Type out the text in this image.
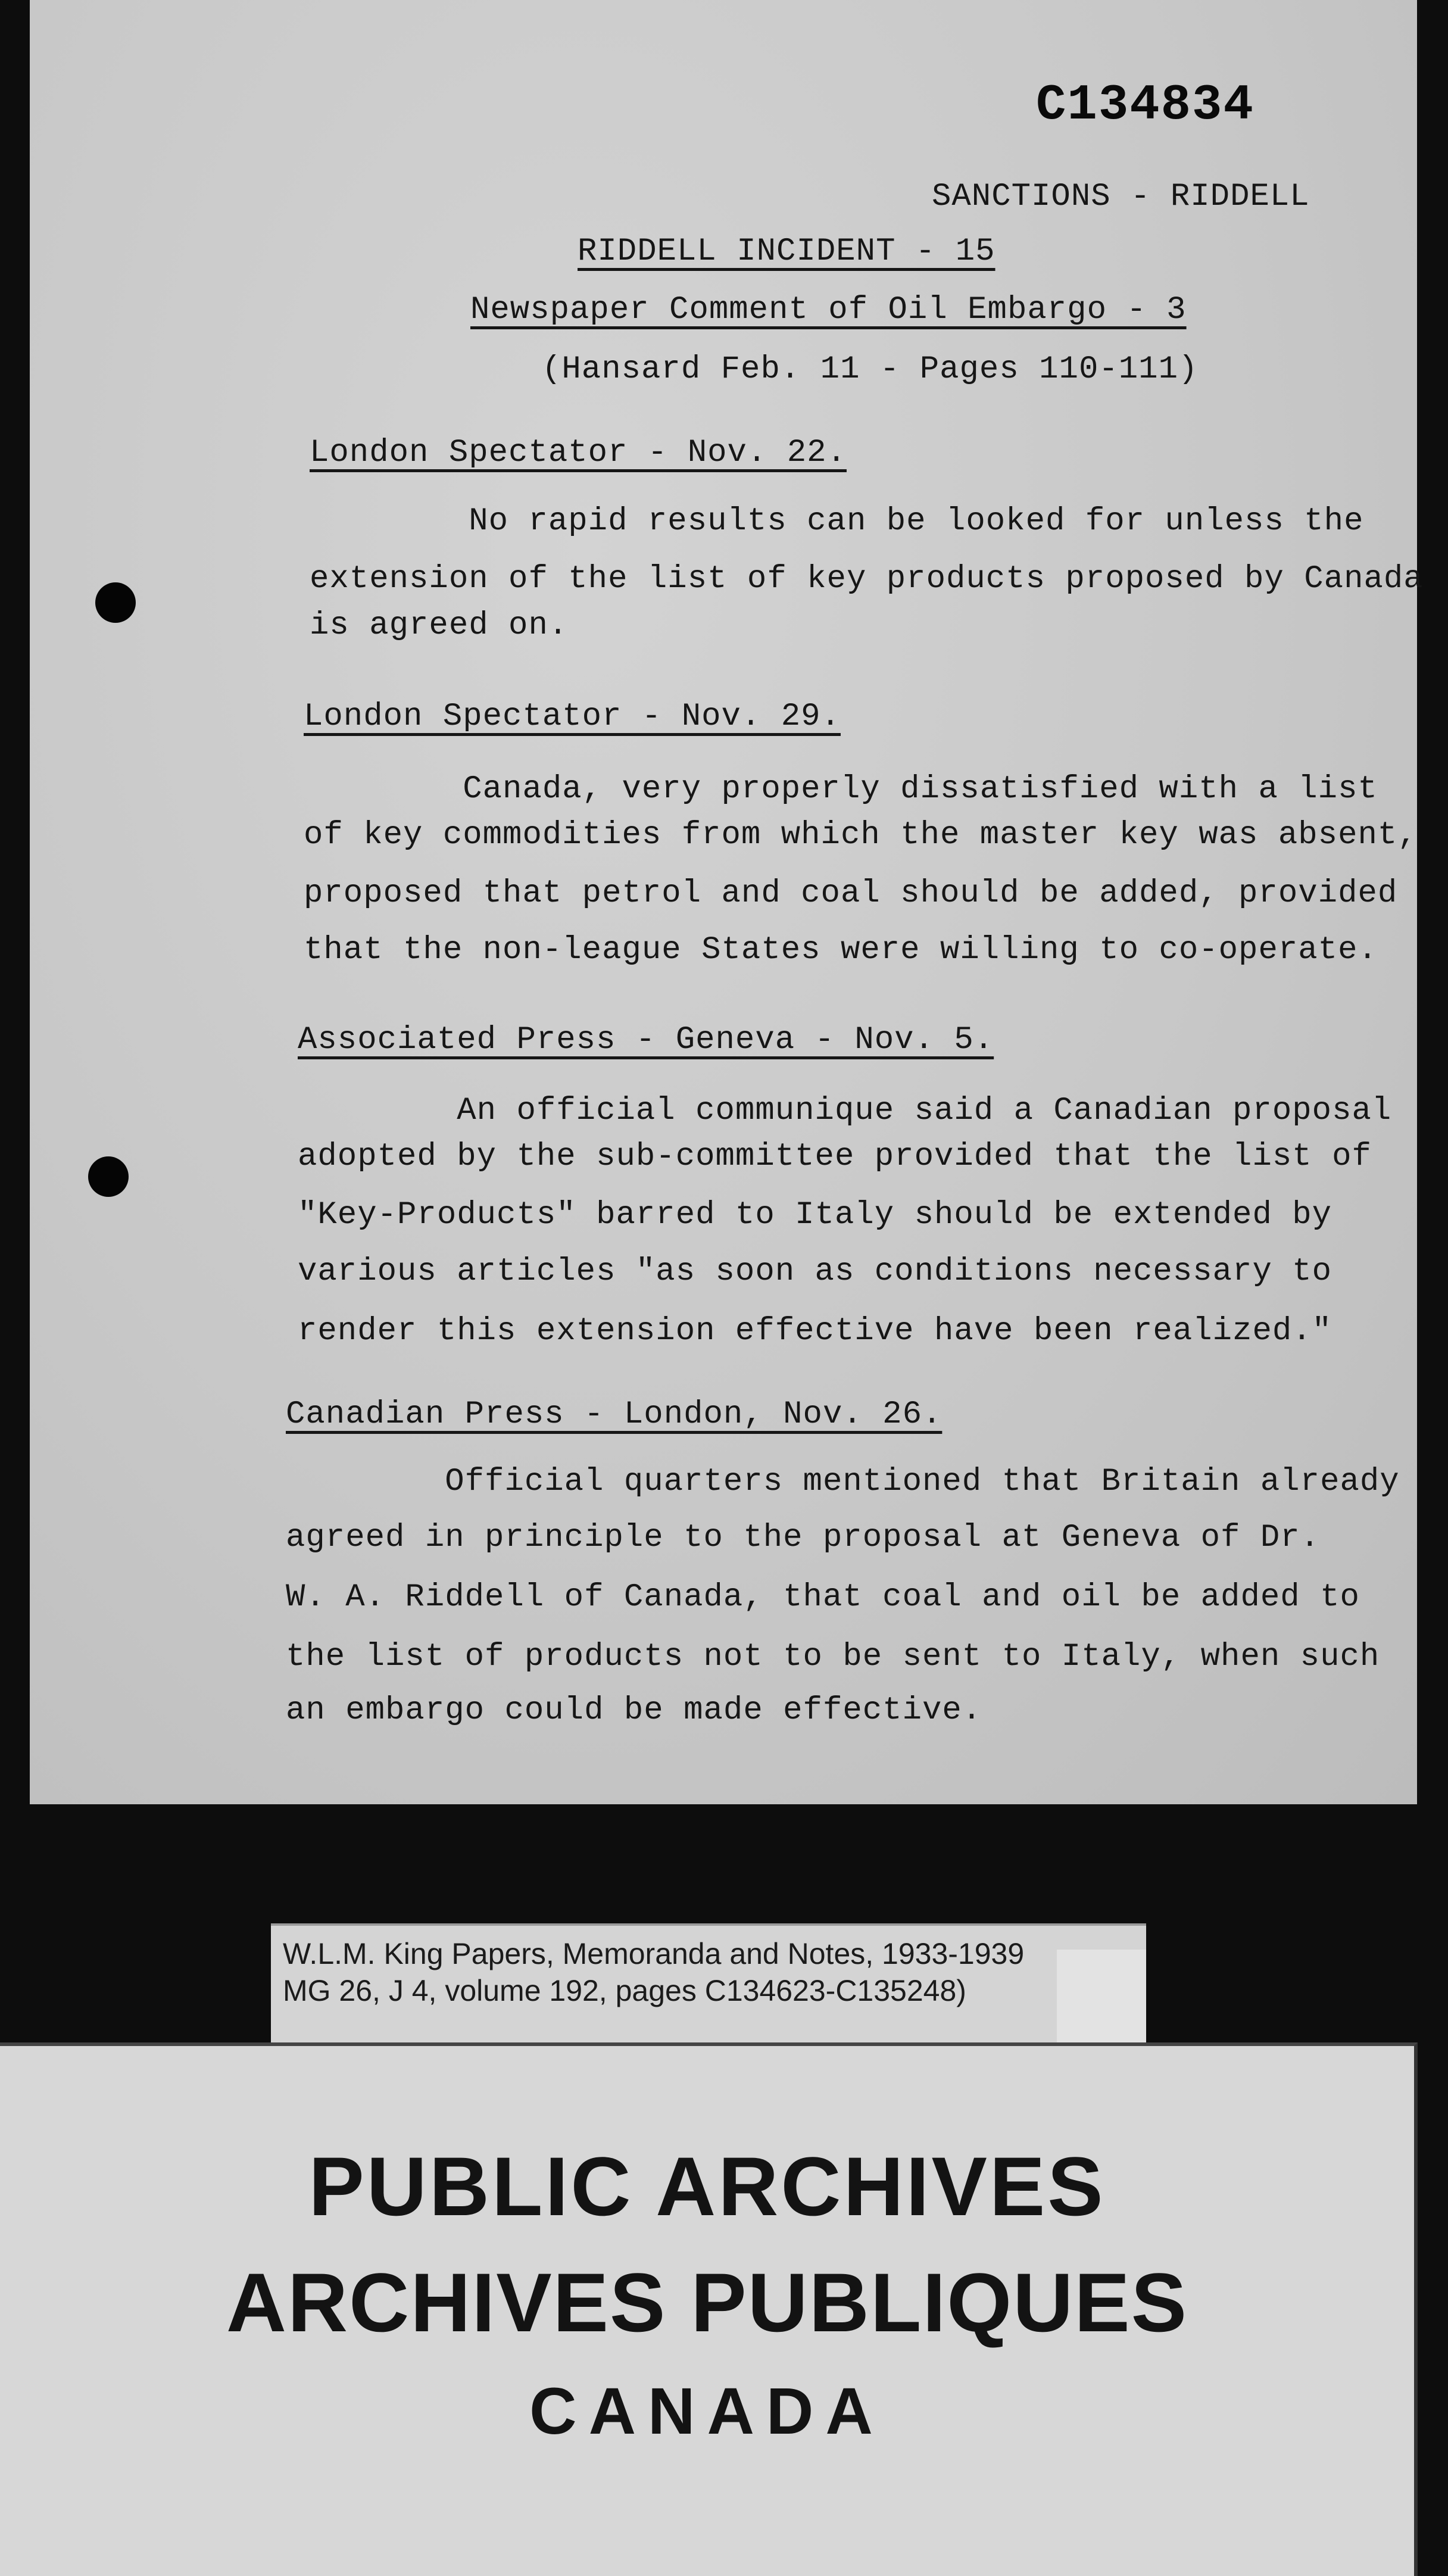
C134834
SANCTIONS - RIDDELL
RIDDELL INCIDENT - 15
Newspaper Comment of Oil Embargo - 3
(Hansard Feb. 11 - Pages 110-111)
London Spectator - Nov. 22.
No rapid results can be looked for unless the
extension of the list of key products proposed by Canada
is agreed on.
London Spectator - Nov. 29.
Canada, very properly dissatisfied with a list
of key commodities from which the master key was absent,
proposed that petrol and coal should be added, provided
that the non-league States were willing to co-operate.
Associated Press - Geneva - Nov. 5.
An official communique said a Canadian proposal
adopted by the sub-committee provided that the list of
"Key-Products" barred to Italy should be extended by
various articles "as soon as conditions necessary to
render this extension effective have been realized."
Canadian Press - London, Nov. 26.
Official quarters mentioned that Britain already
agreed in principle to the proposal at Geneva of Dr.
W. A. Riddell of Canada, that coal and oil be added to
the list of products not to be sent to Italy, when such
an embargo could be made effective.
W.L.M. King Papers, Memoranda and Notes, 1933-1939
MG 26, J 4, volume 192, pages C134623-C135248)
PUBLIC ARCHIVES
ARCHIVES PUBLIQUES
CANADA
